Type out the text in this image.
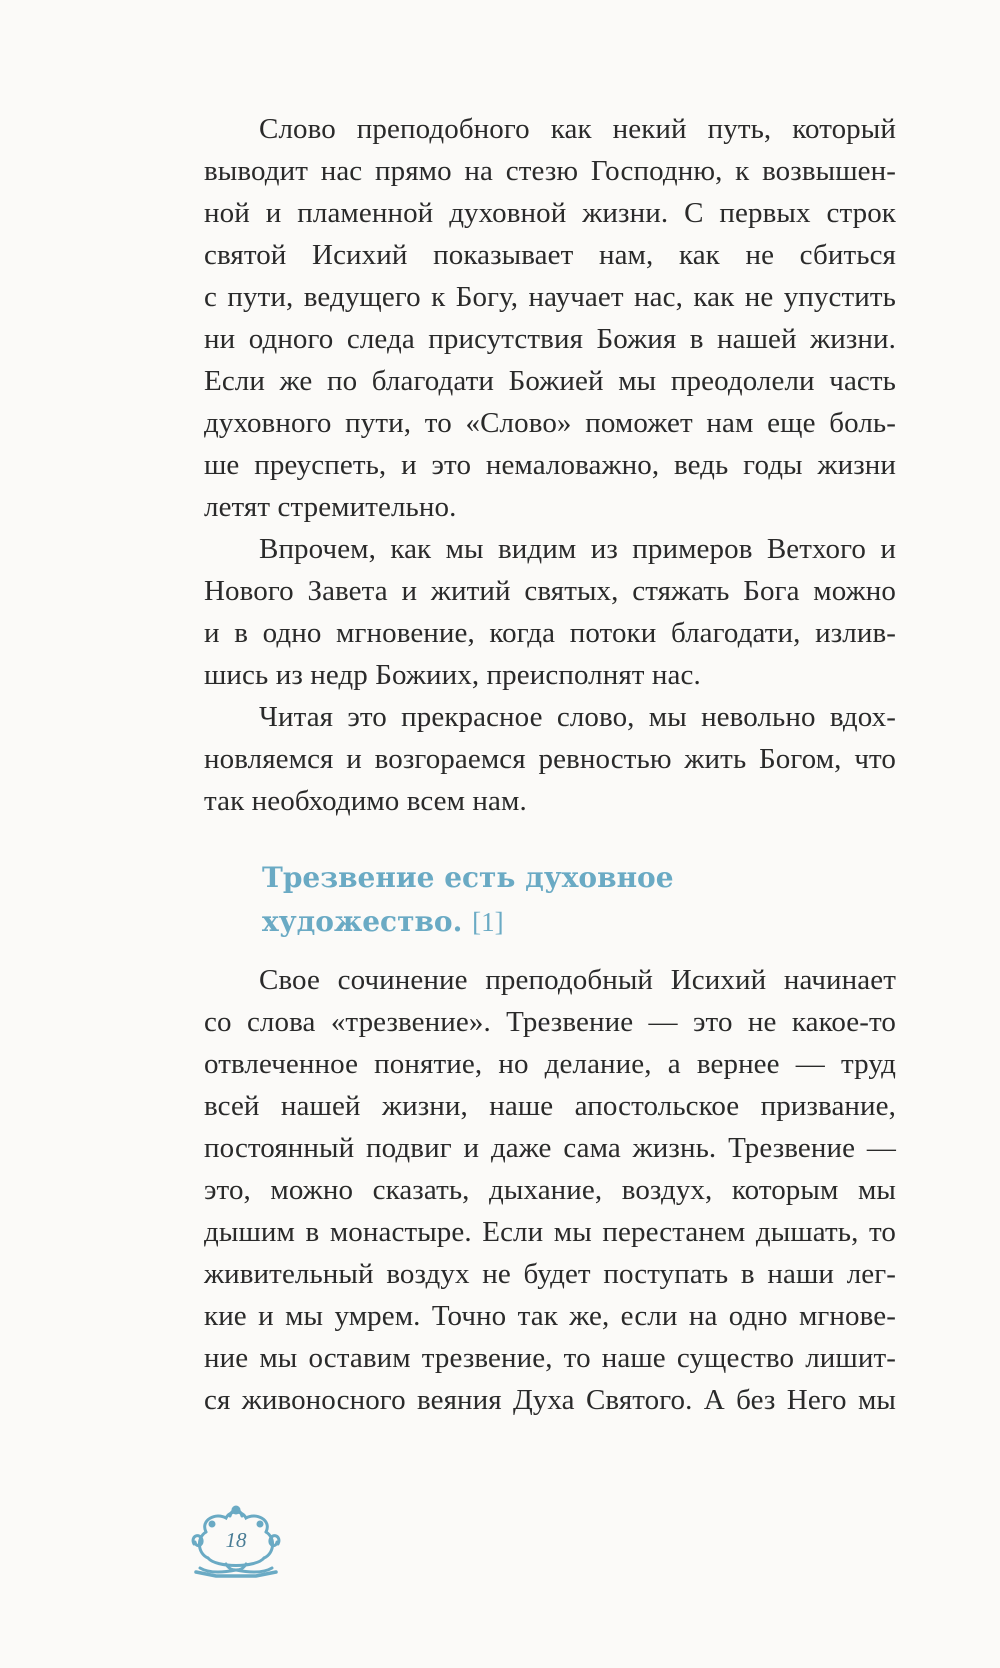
Слово преподобного как некий путь, который
выводит нас прямо на стезю Господню, к возвышен-
ной и пламенной духовной жизни. С первых строк
святой Исихий показывает нам, как не сбиться
с пути, ведущего к Богу, научает нас, как не упустить
ни одного следа присутствия Божия в нашей жизни.
Если же по благодати Божией мы преодолели часть
духовного пути, то «Слово» поможет нам еще боль-
ше преуспеть, и это немаловажно, ведь годы жизни
летят стремительно.
Впрочем, как мы видим из примеров Ветхого и
Нового Завета и житий святых, стяжать Бога можно
и в одно мгновение, когда потоки благодати, излив-
шись из недр Божиих, преисполнят нас.
Читая это прекрасное слово, мы невольно вдох-
новляемся и возгораемся ревностью жить Богом, что
так необходимо всем нам.
Трезвение есть духовное
художество. [1]
Свое сочинение преподобный Исихий начинает
со слова «трезвение». Трезвение — это не какое-то
отвлеченное понятие, но делание, а вернее — труд
всей нашей жизни, наше апостольское призвание,
постоянный подвиг и даже сама жизнь. Трезвение —
это, можно сказать, дыхание, воздух, которым мы
дышим в монастыре. Если мы перестанем дышать, то
живительный воздух не будет поступать в наши лег-
кие и мы умрем. Точно так же, если на одно мгнове-
ние мы оставим трезвение, то наше существо лишит-
ся живоносного веяния Духа Святого. А без Него мы
18
